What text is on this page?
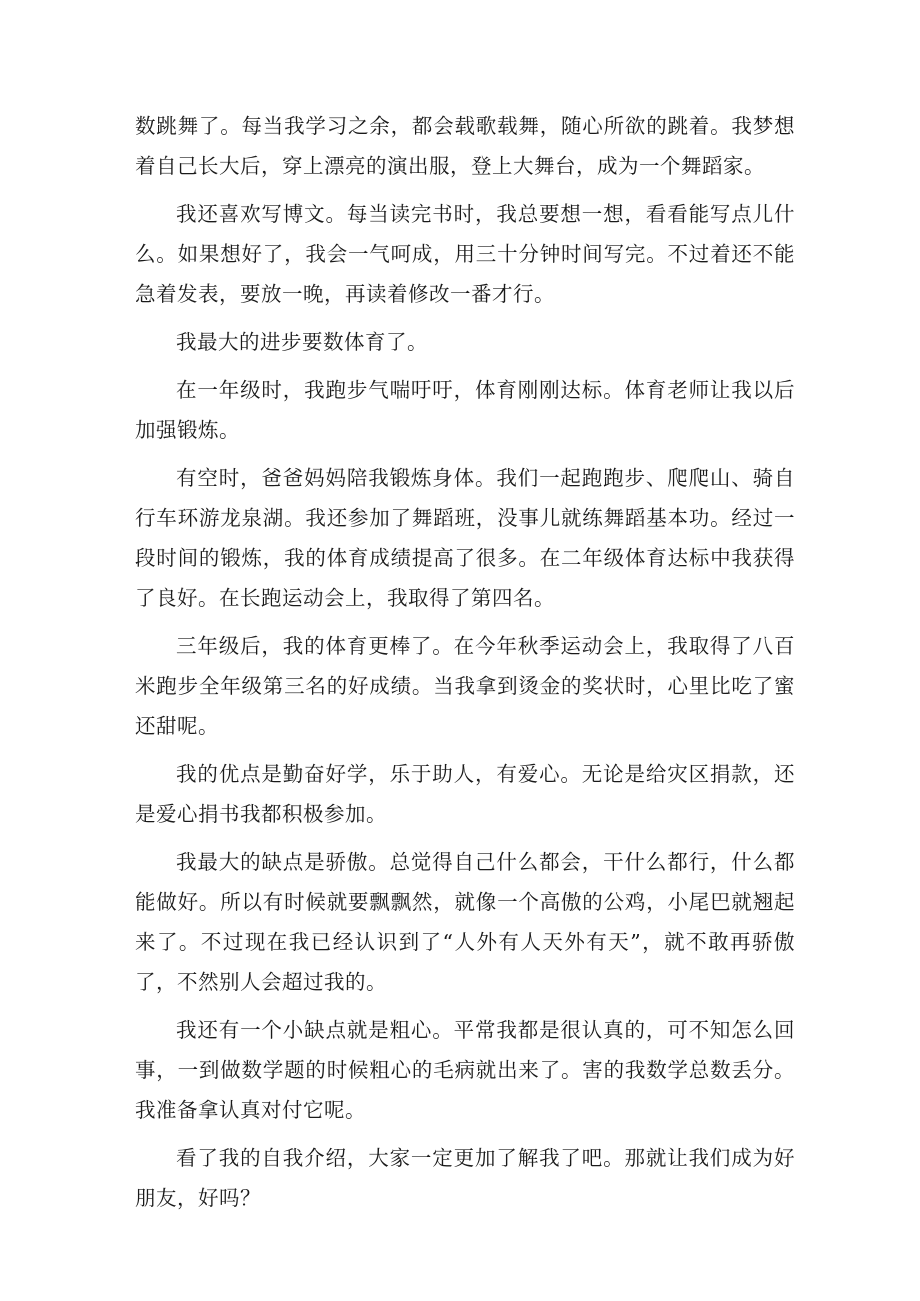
数跳舞了。每当我学习之余，都会载歌载舞，随心所欲的跳着。我梦想着自己长大后，穿上漂亮的演出服，登上大舞台，成为一个舞蹈家。

我还喜欢写博文。每当读完书时，我总要想一想，看看能写点儿什么。如果想好了，我会一气呵成，用三十分钟时间写完。不过着还不能急着发表，要放一晚，再读着修改一番才行。

我最大的进步要数体育了。

在一年级时，我跑步气喘吁吁，体育刚刚达标。体育老师让我以后加强锻炼。

有空时，爸爸妈妈陪我锻炼身体。我们一起跑跑步、爬爬山、骑自行车环游龙泉湖。我还参加了舞蹈班，没事儿就练舞蹈基本功。经过一段时间的锻炼，我的体育成绩提高了很多。在二年级体育达标中我获得了良好。在长跑运动会上，我取得了第四名。

三年级后，我的体育更棒了。在今年秋季运动会上，我取得了八百米跑步全年级第三名的好成绩。当我拿到烫金的奖状时，心里比吃了蜜还甜呢。

我的优点是勤奋好学，乐于助人，有爱心。无论是给灾区捐款，还是爱心捐书我都积极参加。

我最大的缺点是骄傲。总觉得自己什么都会，干什么都行，什么都能做好。所以有时候就要飘飘然，就像一个高傲的公鸡，小尾巴就翘起来了。不过现在我已经认识到了“人外有人天外有天”，就不敢再骄傲了，不然别人会超过我的。

我还有一个小缺点就是粗心。平常我都是很认真的，可不知怎么回事，一到做数学题的时候粗心的毛病就出来了。害的我数学总数丢分。我准备拿认真对付它呢。

看了我的自我介绍，大家一定更加了解我了吧。那就让我们成为好朋友，好吗？
